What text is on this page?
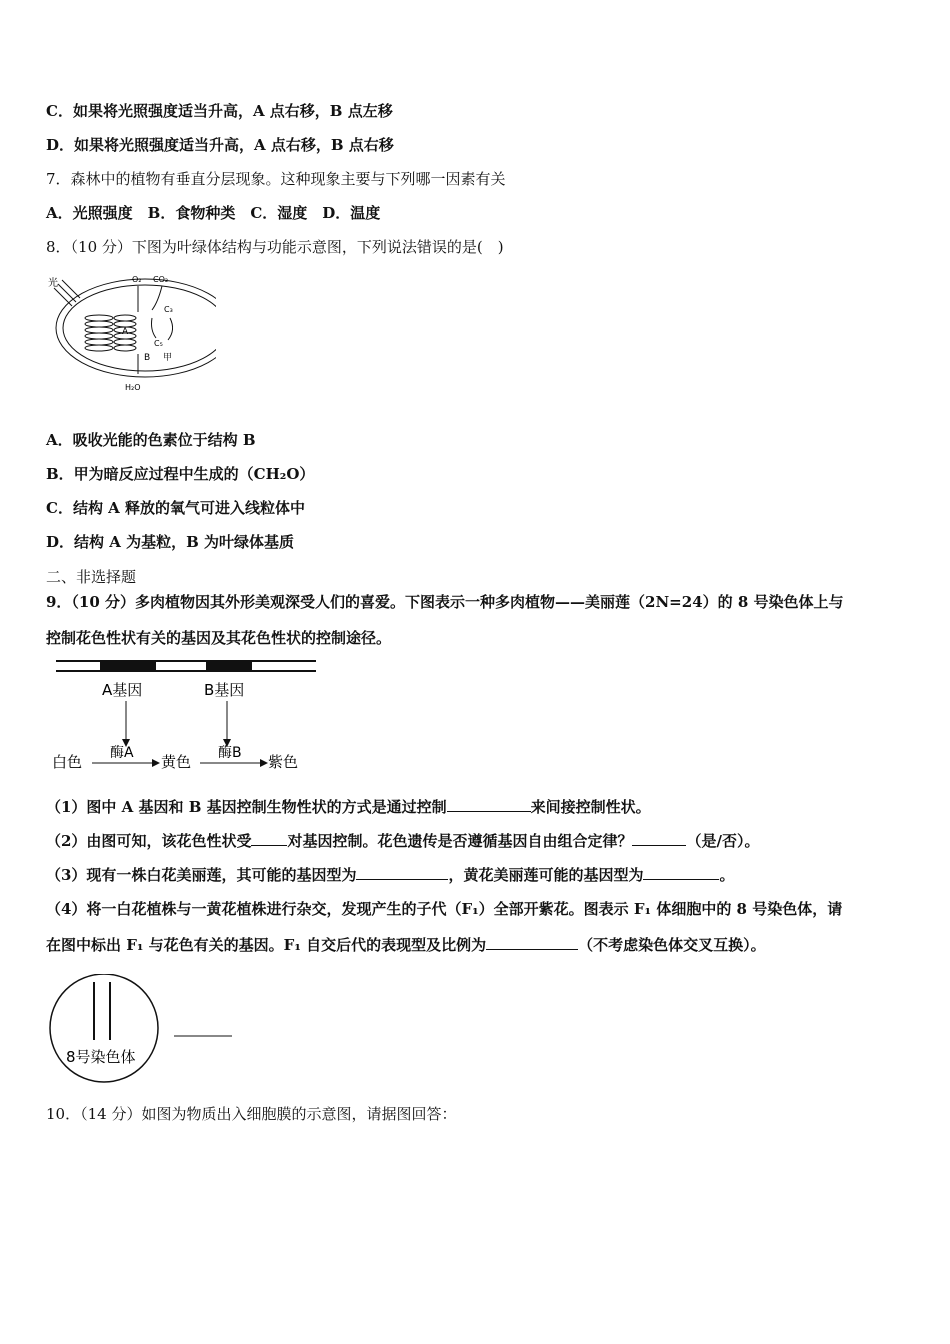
C．如果将光照强度适当升高，A 点右移，B 点左移
D．如果将光照强度适当升高，A 点右移，B 点右移
7．森林中的植物有垂直分层现象。这种现象主要与下列哪一因素有关
A．光照强度　B．食物种类　C．湿度　D．温度
8．（10 分）下图为叶绿体结构与功能示意图，下列说法错误的是(　)
光
A
O₂ CO₂
C₃
C₅
B 甲
H₂O
A．吸收光能的色素位于结构 B
B．甲为暗反应过程中生成的（CH₂O）
C．结构 A 释放的氧气可进入线粒体中
D．结构 A 为基粒，B 为叶绿体基质
二、非选择题
9．（10 分）多肉植物因其外形美观深受人们的喜爱。下图表示一种多肉植物——美丽莲（2N=24）的 8 号染色体上与
控制花色性状有关的基因及其花色性状的控制途径。
A基因	B基因
白色 酶A 黄色 酶B 紫色
（1）图中 A 基因和 B 基因控制生物性状的方式是通过控制	来间接控制性状。
（2）由图可知，该花色性状受 对基因控制。花色遗传是否遵循基因自由组合定律？	（是/否）。
（3）现有一株白花美丽莲，其可能的基因型为	，黄花美丽莲可能的基因型为	。
（4）将一白花植株与一黄花植株进行杂交，发现产生的子代（F₁）全部开紫花。图表示 F₁ 体细胞中的 8 号染色体，请
在图中标出 F₁ 与花色有关的基因。F₁ 自交后代的表现型及比例为	（不考虑染色体交叉互换）。
8号染色体
10．（14 分）如图为物质出入细胞膜的示意图，请据图回答：
